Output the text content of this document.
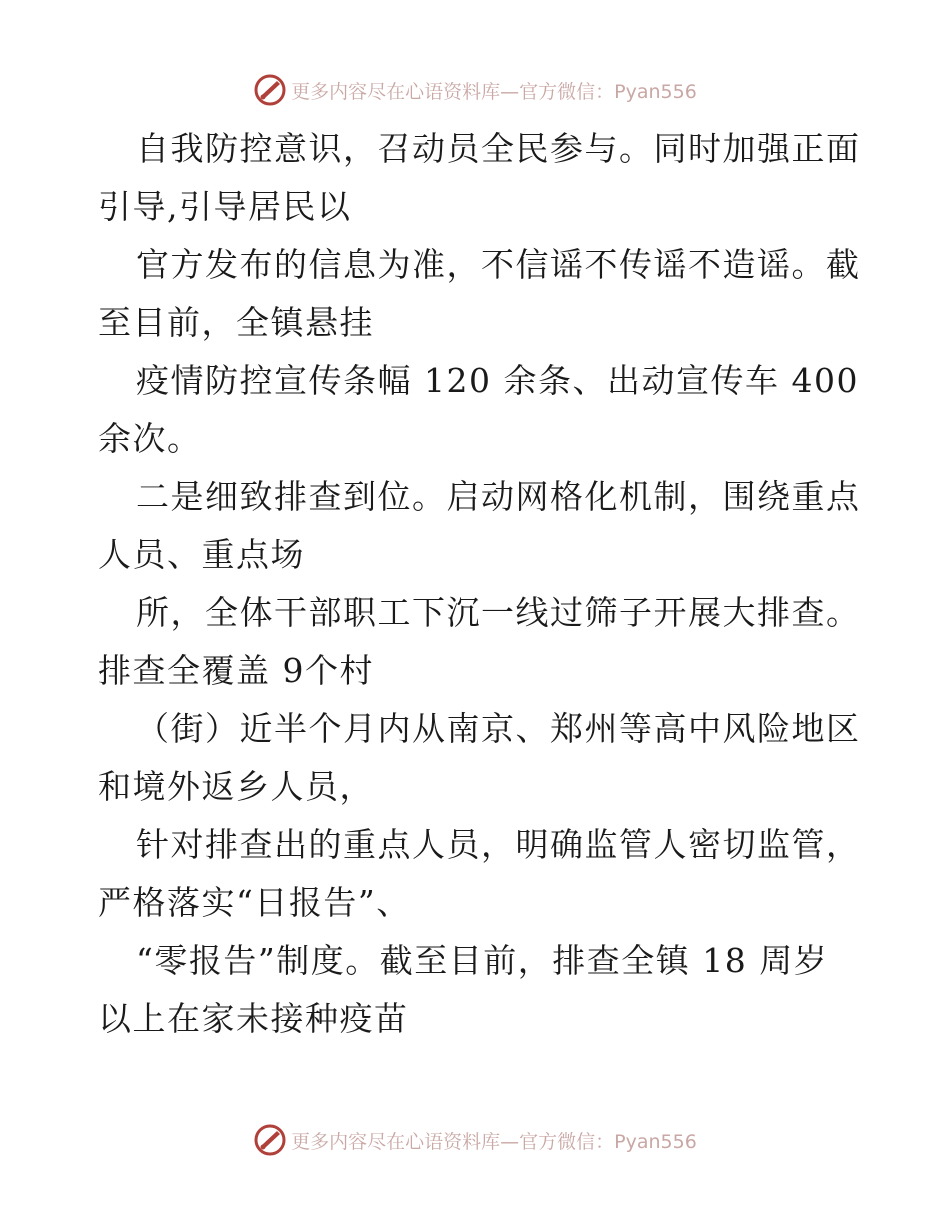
更多内容尽在心语资料库—官方微信：Pyan556
自我防控意识，召动员全民参与。同时加强正面
引导,引导居民以
官方发布的信息为准，不信谣不传谣不造谣。截
至目前，全镇悬挂
疫情防控宣传条幅 120 余条、出动宣传车 400
余次。
二是细致排查到位。启动网格化机制，围绕重点
人员、重点场
所，全体干部职工下沉一线过筛子开展大排查。
排查全覆盖 9个村
（街）近半个月内从南京、郑州等高中风险地区
和境外返乡人员，
针对排查出的重点人员，明确监管人密切监管，
严格落实“日报告”、
“零报告”制度。截至目前，排查全镇 18 周岁
以上在家未接种疫苗
更多内容尽在心语资料库—官方微信：Pyan556
